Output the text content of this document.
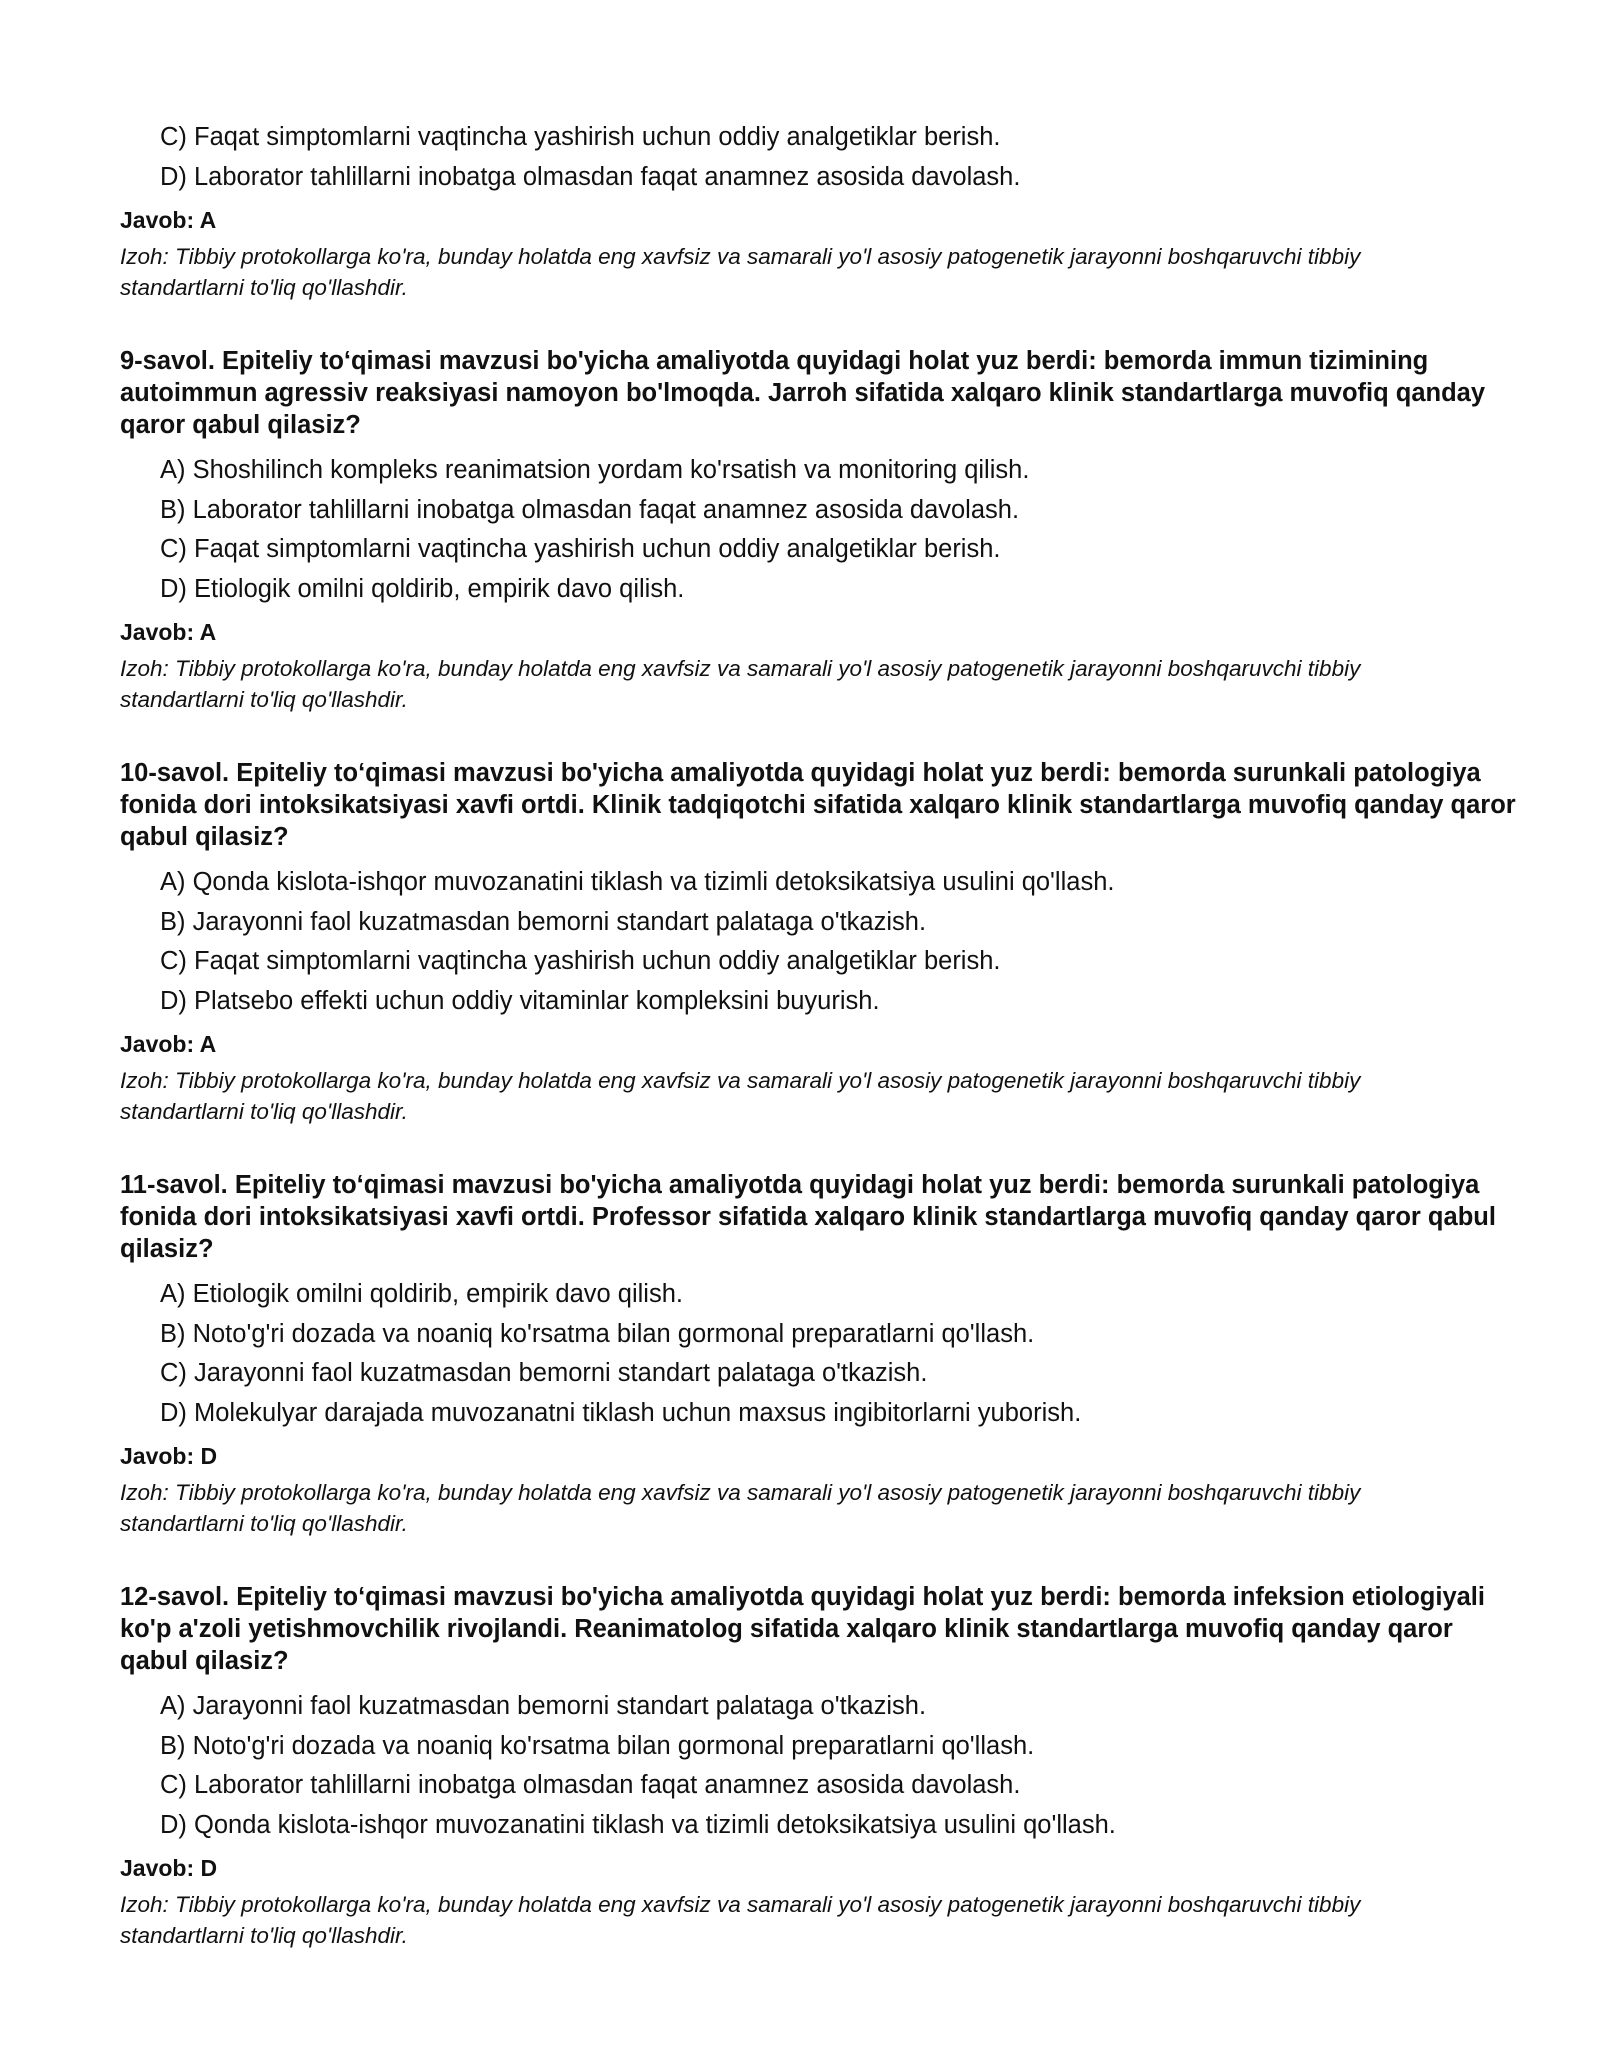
C) Faqat simptomlarni vaqtincha yashirish uchun oddiy analgetiklar berish.
D) Laborator tahlillarni inobatga olmasdan faqat anamnez asosida davolash.
Javob: A
Izoh: Tibbiy protokollarga ko'ra, bunday holatda eng xavfsiz va samarali yo'l asosiy patogenetik jarayonni boshqaruvchi tibbiy standartlarni to'liq qo'llashdir.
9-savol. Epiteliy to‘qimasi mavzusi bo'yicha amaliyotda quyidagi holat yuz berdi: bemorda immun tizimining autoimmun agressiv reaksiyasi namoyon bo'lmoqda. Jarroh sifatida xalqaro klinik standartlarga muvofiq qanday qaror qabul qilasiz?
A) Shoshilinch kompleks reanimatsion yordam ko'rsatish va monitoring qilish.
B) Laborator tahlillarni inobatga olmasdan faqat anamnez asosida davolash.
C) Faqat simptomlarni vaqtincha yashirish uchun oddiy analgetiklar berish.
D) Etiologik omilni qoldirib, empirik davo qilish.
Javob: A
Izoh: Tibbiy protokollarga ko'ra, bunday holatda eng xavfsiz va samarali yo'l asosiy patogenetik jarayonni boshqaruvchi tibbiy standartlarni to'liq qo'llashdir.
10-savol. Epiteliy to‘qimasi mavzusi bo'yicha amaliyotda quyidagi holat yuz berdi: bemorda surunkali patologiya fonida dori intoksikatsiyasi xavfi ortdi. Klinik tadqiqotchi sifatida xalqaro klinik standartlarga muvofiq qanday qaror qabul qilasiz?
A) Qonda kislota-ishqor muvozanatini tiklash va tizimli detoksikatsiya usulini qo'llash.
B) Jarayonni faol kuzatmasdan bemorni standart palataga o'tkazish.
C) Faqat simptomlarni vaqtincha yashirish uchun oddiy analgetiklar berish.
D) Platsebo effekti uchun oddiy vitaminlar kompleksini buyurish.
Javob: A
Izoh: Tibbiy protokollarga ko'ra, bunday holatda eng xavfsiz va samarali yo'l asosiy patogenetik jarayonni boshqaruvchi tibbiy standartlarni to'liq qo'llashdir.
11-savol. Epiteliy to‘qimasi mavzusi bo'yicha amaliyotda quyidagi holat yuz berdi: bemorda surunkali patologiya fonida dori intoksikatsiyasi xavfi ortdi. Professor sifatida xalqaro klinik standartlarga muvofiq qanday qaror qabul qilasiz?
A) Etiologik omilni qoldirib, empirik davo qilish.
B) Noto'g'ri dozada va noaniq ko'rsatma bilan gormonal preparatlarni qo'llash.
C) Jarayonni faol kuzatmasdan bemorni standart palataga o'tkazish.
D) Molekulyar darajada muvozanatni tiklash uchun maxsus ingibitorlarni yuborish.
Javob: D
Izoh: Tibbiy protokollarga ko'ra, bunday holatda eng xavfsiz va samarali yo'l asosiy patogenetik jarayonni boshqaruvchi tibbiy standartlarni to'liq qo'llashdir.
12-savol. Epiteliy to‘qimasi mavzusi bo'yicha amaliyotda quyidagi holat yuz berdi: bemorda infeksion etiologiyali ko'p a'zoli yetishmovchilik rivojlandi. Reanimatolog sifatida xalqaro klinik standartlarga muvofiq qanday qaror qabul qilasiz?
A) Jarayonni faol kuzatmasdan bemorni standart palataga o'tkazish.
B) Noto'g'ri dozada va noaniq ko'rsatma bilan gormonal preparatlarni qo'llash.
C) Laborator tahlillarni inobatga olmasdan faqat anamnez asosida davolash.
D) Qonda kislota-ishqor muvozanatini tiklash va tizimli detoksikatsiya usulini qo'llash.
Javob: D
Izoh: Tibbiy protokollarga ko'ra, bunday holatda eng xavfsiz va samarali yo'l asosiy patogenetik jarayonni boshqaruvchi tibbiy standartlarni to'liq qo'llashdir.
